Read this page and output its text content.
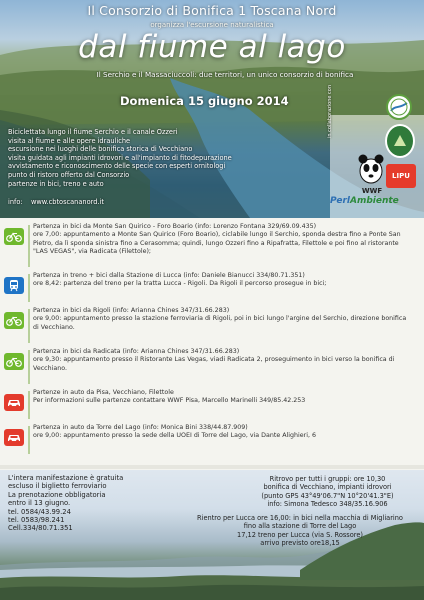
Il Consorzio di Bonifica 1 Toscana Nord
organizza l'escursione naturalistica
dal fiume al lago
Il Serchio e il Massaciuccoli: due territori, un unico consorzio di bonifica
Domenica 15 giugno 2014
Biciclettata lungo il fiume Serchio e il canale Ozzeri
visita al fiume e alle opere idrauliche
escursione nei luoghi delle bonifica storica di Vecchiano
visita guidata agli impianti idrovori e all'impianto di fitodepurazione
avvistamento e riconoscimento delle specie con esperti ornitologi
punto di ristoro offerto dal Consorzio
partenze in bici, treno e auto
info: www.cbtoscananord.it
in collaborazione con
WWF
LIPU
PerlAmbiente
Partenza in bici da Monte San Quirico - Foro Boario (info: Lorenzo Fontana 329/69.09.435)
ore 7,00: appuntamento a Monte San Quirico (Foro Boario), ciclabile lungo il Serchio, sponda destra fino a Ponte San
Pietro, da lì sponda sinistra fino a Cerasomma; quindi, lungo Ozzeri fino a Ripafratta, Filettole e poi fino al ristorante
"LAS VEGAS", via Radicata (Filettole);
Partenza in treno + bici dalla Stazione di Lucca (info: Daniele Bianucci 334/80.71.351)
ore 8,42: partenza del treno per la tratta Lucca - Rigoli. Da Rigoli il percorso prosegue in bici;
Partenza in bici da Rigoli (info: Arianna Chines 347/31.66.283)
ore 9,00: appuntamento presso la stazione ferroviaria di Rigoli, poi in bici lungo l'argine del Serchio, direzione bonifica
di Vecchiano.
Partenza in bici da Radicata (info: Arianna Chines 347/31.66.283)
ore 9,30: appuntamento presso il Ristorante Las Vegas, viadi Radicata 2, proseguimento in bici verso la bonifica di
Vecchiano.
Partenze in auto da Pisa, Vecchiano, Filettole
Per informazioni sulle partenze contattare WWF Pisa, Marcello Marinelli 349/85.42.253
Partenza in auto da Torre del Lago (info: Monica Bini 338/44.87.909)
ore 9,00: appuntamento presso la sede della UOEI di Torre del Lago, via Dante Alighieri, 6
L'intera manifestazione è gratuita
escluso il biglietto ferroviario
La prenotazione obbligatoria
entro il 13 giugno.
tel. 0584/43.99.24
tel. 0583/98.241
Cell.334/80.71.351
Ritrovo per tutti i gruppi: ore 10,30
bonifica di Vecchiano, impianti idrovori
(punto GPS 43°49'06.7"N 10°20'41.3"E)
info: Simona Tedesco 348/35.16.906
Rientro per Lucca ore 16,00: in bici nella macchia di Migliarino
fino alla stazione di Torre del Lago
17,12 treno per Lucca (via S. Rossore)
arrivo previsto ore18,15
